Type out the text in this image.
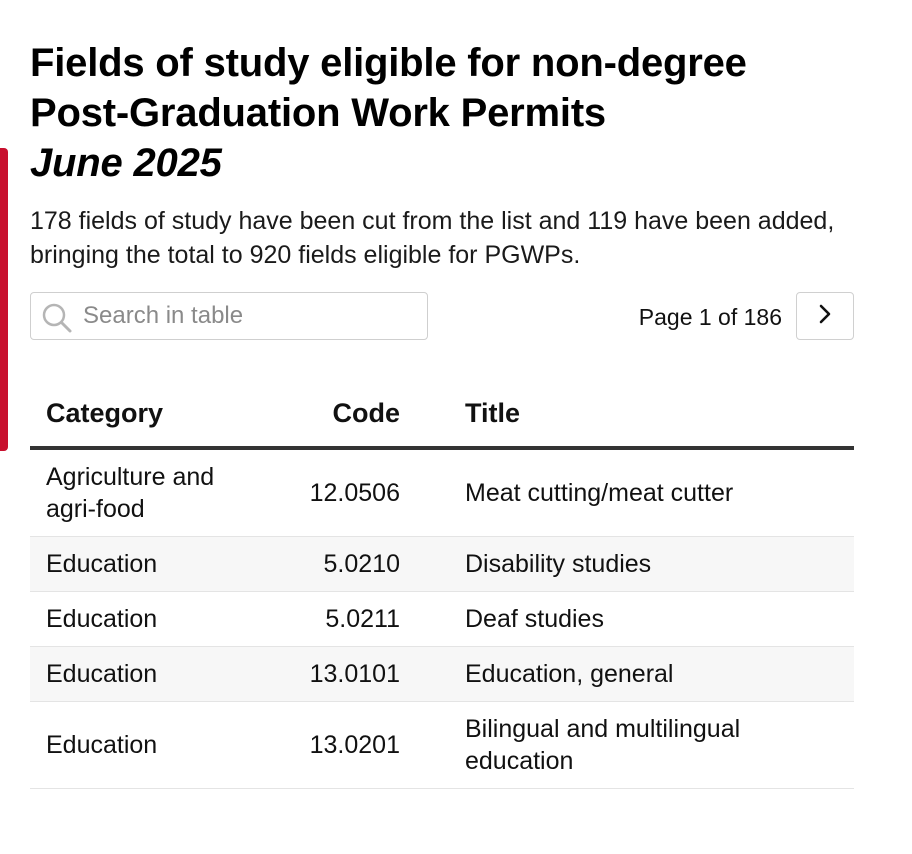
Fields of study eligible for non-degree
Post-Graduation Work Permits
June 2025

178 fields of study have been cut from the list and 119 have been added, bringing the total to 920 fields eligible for PGWPs.

Search in table
Page 1 of 186
Category	Code	Title
Agriculture and agri-food	12.0506	Meat cutting/meat cutter
Education	5.0210	Disability studies
Education	5.0211	Deaf studies
Education	13.0101	Education, general
Education	13.0201	Bilingual and multilingual education
